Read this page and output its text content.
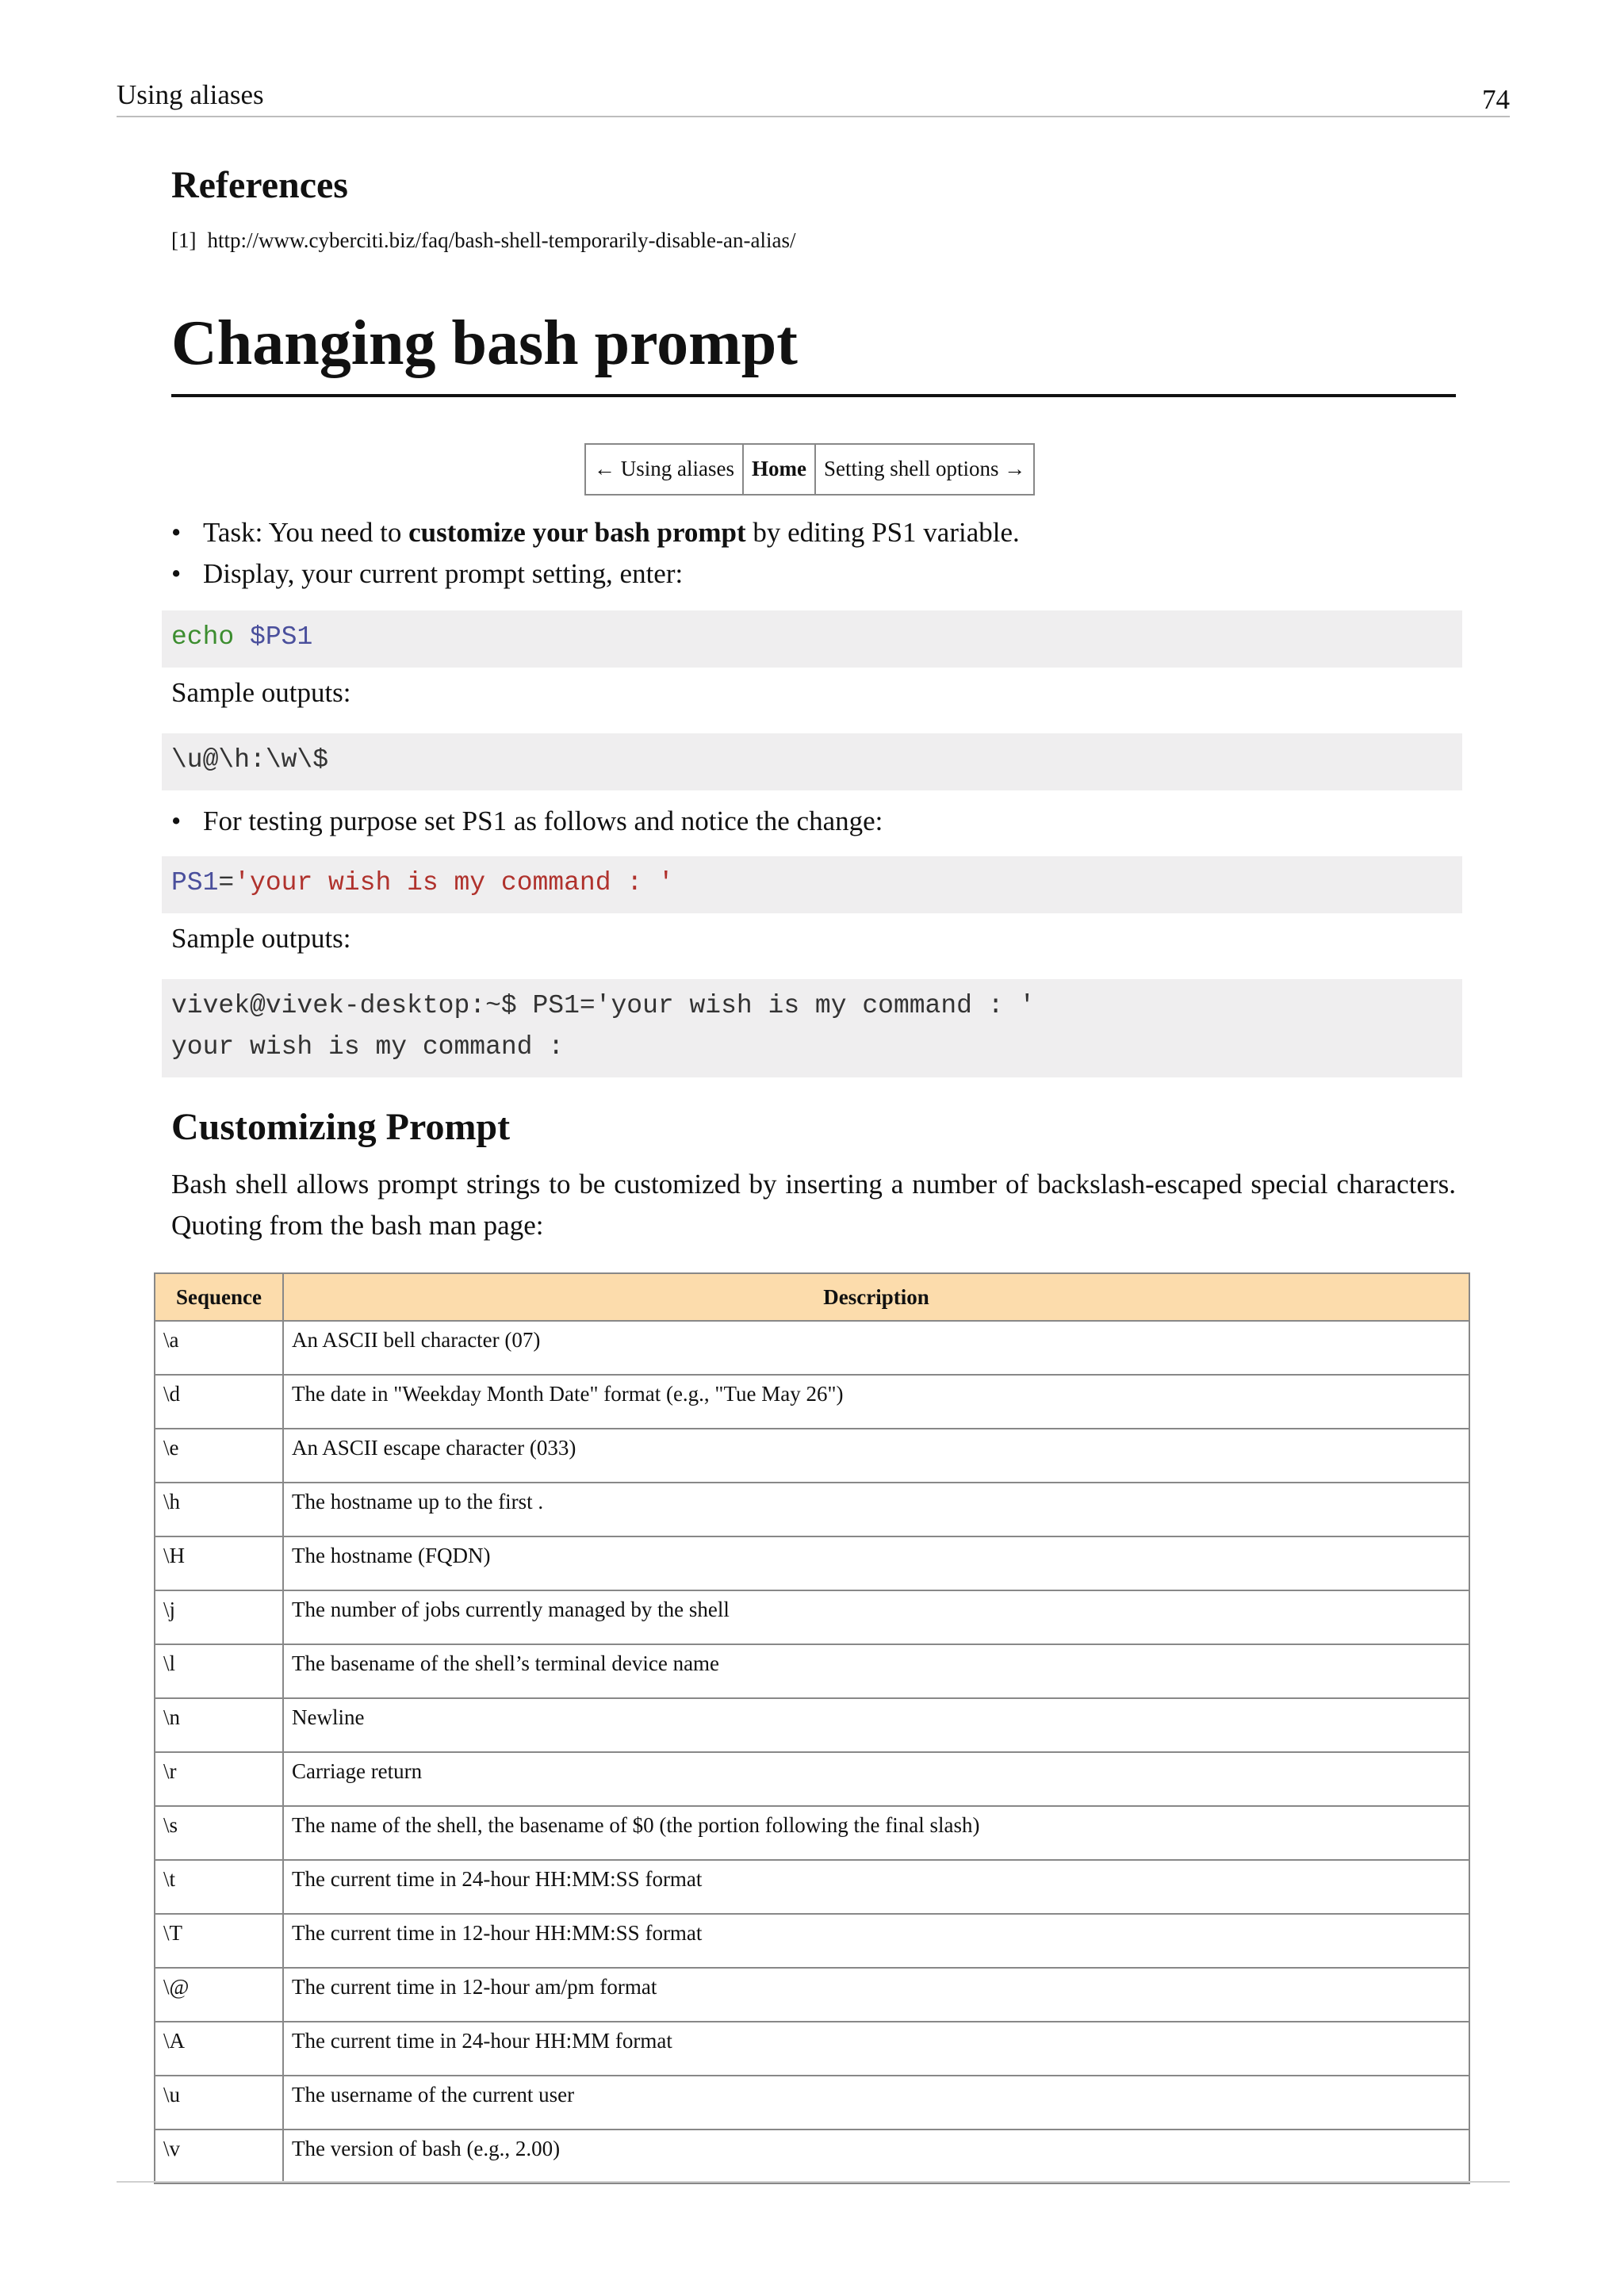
Using aliases	74
References
[1] http://www.cyberciti.biz/faq/bash-shell-temporarily-disable-an-alias/
Changing bash prompt
← Using aliases Home Setting shell options →
• Task: You need to customize your bash prompt by editing PS1 variable.
• Display, your current prompt setting, enter:
echo $PS1

Sample outputs:

\u@\h:\w\$
• For testing purpose set PS1 as follows and notice the change:
PS1='your wish is my command : '

Sample outputs:

vivek@vivek-desktop:~$ PS1='your wish is my command : '
your wish is my command :
Customizing Prompt

Bash shell allows prompt strings to be customized by inserting a number of backslash-escaped special characters. Quoting from the bash man page:

Sequence	Description
\a	An ASCII bell character (07)
\d	The date in "Weekday Month Date" format (e.g., "Tue May 26")
\e	An ASCII escape character (033)
\h	The hostname up to the first .
\H	The hostname (FQDN)
\j	The number of jobs currently managed by the shell
\l	The basename of the shell’s terminal device name
\n	Newline
\r	Carriage return
\s	The name of the shell, the basename of $0 (the portion following the final slash)
\t	The current time in 24-hour HH:MM:SS format
\T	The current time in 12-hour HH:MM:SS format
\@	The current time in 12-hour am/pm format
\A	The current time in 24-hour HH:MM format
\u	The username of the current user
\v	The version of bash (e.g., 2.00)
